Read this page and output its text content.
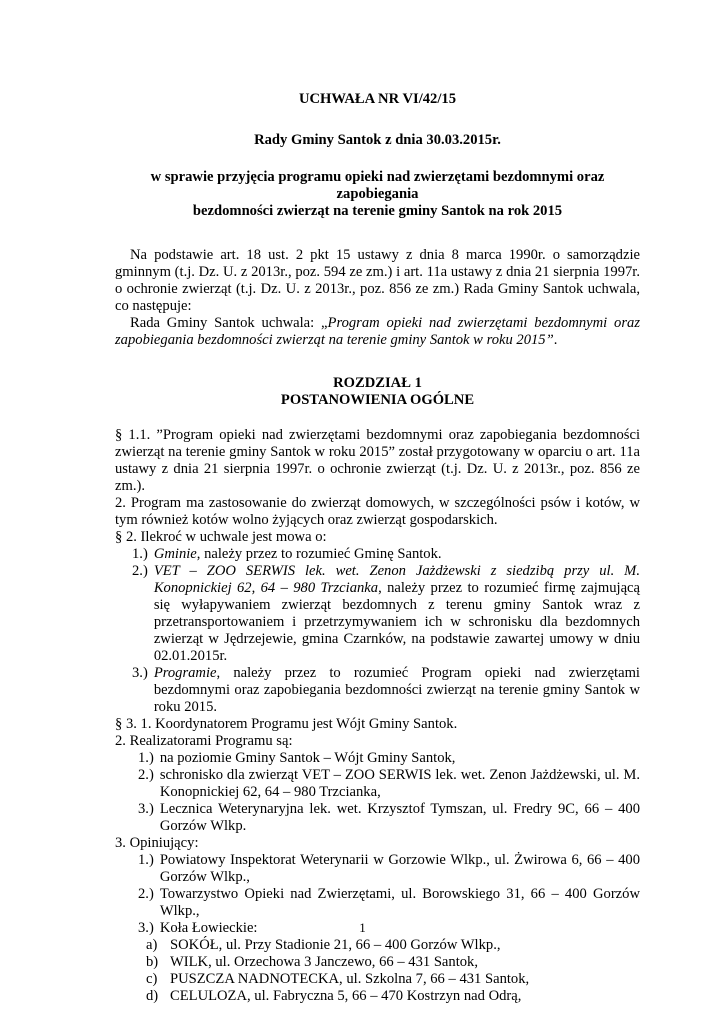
UCHWAŁA NR VI/42/15

Rady Gminy Santok z dnia 30.03.2015r.

w sprawie przyjęcia programu opieki nad zwierzętami bezdomnymi oraz zapobiegania

bezdomności zwierząt na terenie gminy Santok na rok 2015

Na podstawie art. 18 ust. 2 pkt 15 ustawy z dnia 8 marca 1990r. o samorządzie gminnym (t.j. Dz. U. z 2013r., poz. 594 ze zm.) i art. 11a ustawy z dnia 21 sierpnia 1997r. o ochronie zwierząt (t.j. Dz. U. z 2013r., poz. 856 ze zm.) Rada Gminy Santok uchwala, co następuje:

Rada Gminy Santok uchwala: „Program opieki nad zwierzętami bezdomnymi oraz zapobiegania bezdomności zwierząt na terenie gminy Santok w roku 2015”.

ROZDZIAŁ 1

POSTANOWIENIA OGÓLNE

§ 1.1. ”Program opieki nad zwierzętami bezdomnymi oraz zapobiegania bezdomności zwierząt na terenie gminy Santok w roku 2015” został przygotowany w oparciu o art. 11a ustawy z dnia 21 sierpnia 1997r. o ochronie zwierząt (t.j. Dz. U. z 2013r., poz. 856 ze zm.).

2. Program ma zastosowanie do zwierząt domowych, w szczególności psów i kotów, w tym również kotów wolno żyjących oraz zwierząt gospodarskich.

§ 2. Ilekroć w uchwale jest mowa o:

1.) Gminie, należy przez to rozumieć Gminę Santok.
2.) VET – ZOO SERWIS lek. wet. Zenon Jażdżewski z siedzibą przy ul. M. Konopnickiej 62, 64 – 980 Trzcianka, należy przez to rozumieć firmę zajmującą się wyłapywaniem zwierząt bezdomnych z terenu gminy Santok wraz z przetransportowaniem i przetrzymywaniem ich w schronisku dla bezdomnych zwierząt w Jędrzejewie, gmina Czarnków, na podstawie zawartej umowy w dniu 02.01.2015r.
3.) Programie, należy przez to rozumieć Program opieki nad zwierzętami bezdomnymi oraz zapobiegania bezdomności zwierząt na terenie gminy Santok w roku 2015.

§ 3. 1. Koordynatorem Programu jest Wójt Gminy Santok.

2. Realizatorami Programu są:

1.) na poziomie Gminy Santok – Wójt Gminy Santok,
2.) schronisko dla zwierząt VET – ZOO SERWIS lek. wet. Zenon Jażdżewski, ul. M. Konopnickiej 62, 64 – 980 Trzcianka,
3.) Lecznica Weterynaryjna lek. wet. Krzysztof Tymszan, ul. Fredry 9C, 66 – 400 Gorzów Wlkp.

3. Opiniujący:

1.) Powiatowy Inspektorat Weterynarii w Gorzowie Wlkp., ul. Żwirowa 6, 66 – 400 Gorzów Wlkp.,
2.) Towarzystwo Opieki nad Zwierzętami, ul. Borowskiego 31, 66 – 400 Gorzów Wlkp.,
3.) Koła Łowieckie:
a) SOKÓŁ, ul. Przy Stadionie 21, 66 – 400 Gorzów Wlkp.,
b) WILK, ul. Orzechowa 3 Janczewo, 66 – 431 Santok,
c) PUSZCZA NADNOTECKA, ul. Szkolna 7, 66 – 431 Santok,
d) CELULOZA, ul. Fabryczna 5, 66 – 470 Kostrzyn nad Odrą,
1
